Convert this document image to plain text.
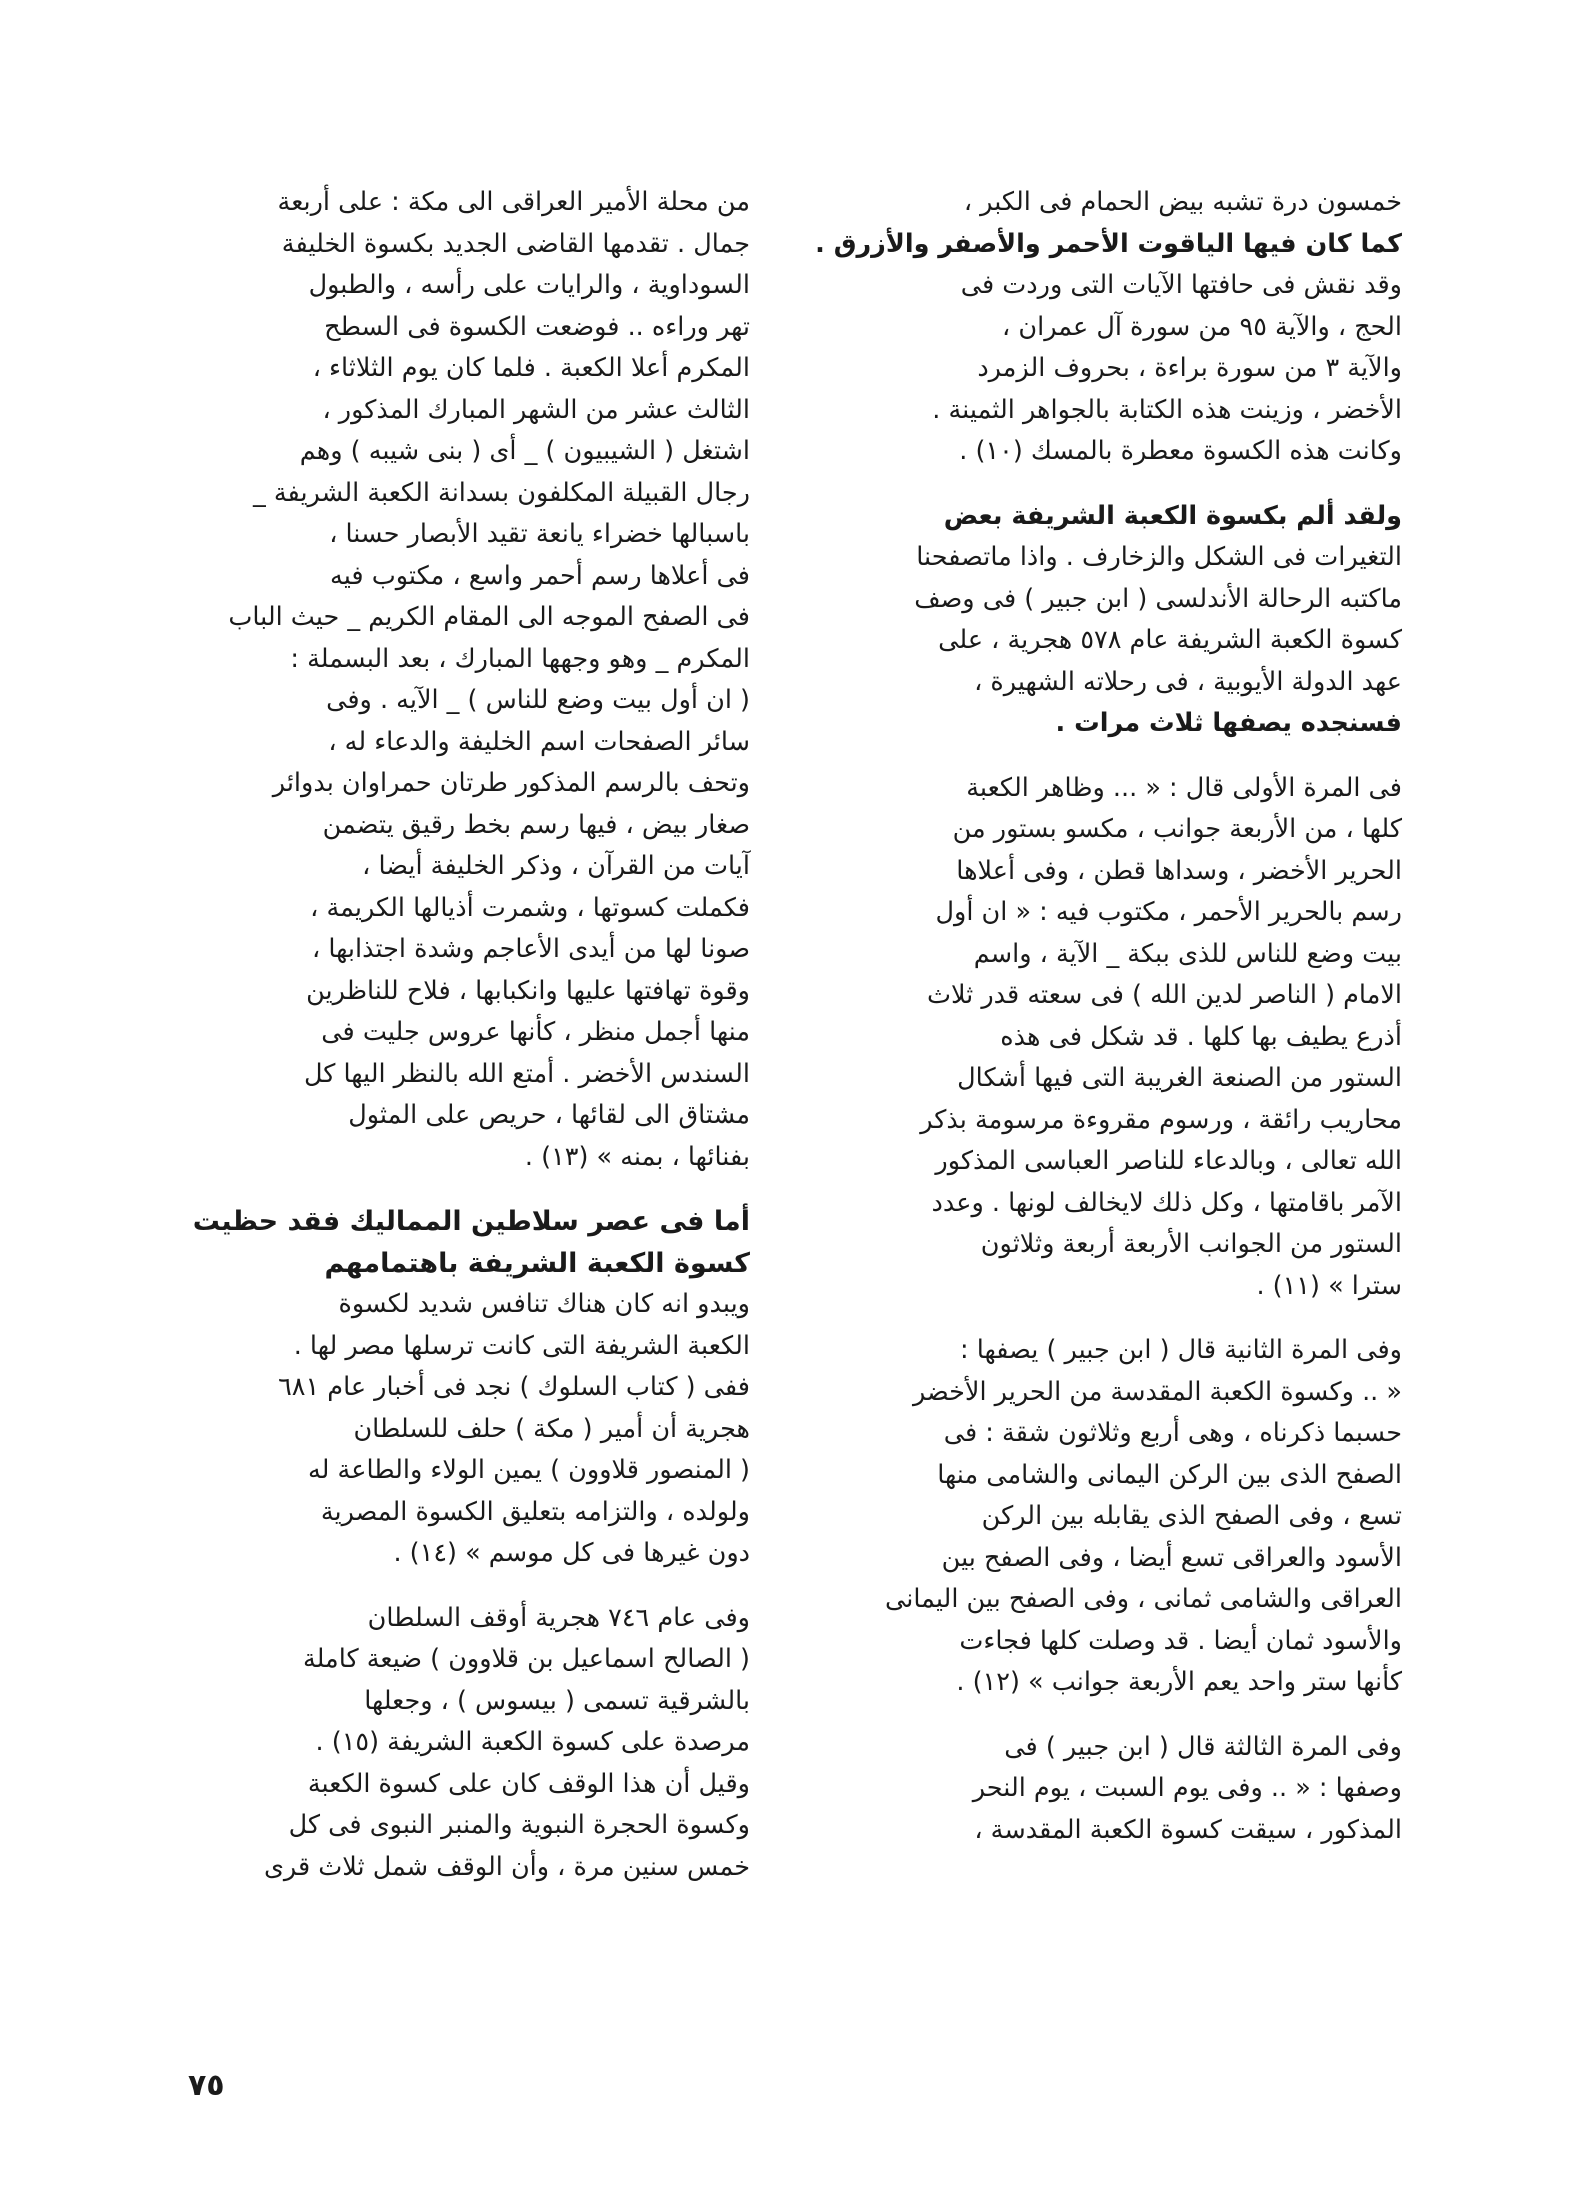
خمسون درة تشبه بيض الحمام فى الكبر ،

كما كان فيها الياقوت الأحمر والأصفر والأزرق .

وقد نقش فى حافتها الآيات التى وردت فى

الحج ، والآية ٩٥ من سورة آل عمران ،

والآية ٣ من سورة براءة ، بحروف الزمرد

الأخضر ، وزينت هذه الكتابة بالجواهر الثمينة .

وكانت هذه الكسوة معطرة بالمسك (١٠) .

ولقد ألم بكسوة الكعبة الشريفة بعض

التغيرات فى الشكل والزخارف . واذا ماتصفحنا

ماكتبه الرحالة الأندلسى ( ابن جبير ) فى وصف

كسوة الكعبة الشريفة عام ٥٧٨ هجرية ، على

عهد الدولة الأيوبية ، فى رحلاته الشهيرة ،

فسنجده يصفها ثلاث مرات .

فى المرة الأولى قال : « ... وظاهر الكعبة

كلها ، من الأربعة جوانب ، مكسو بستور من

الحرير الأخضر ، وسداها قطن ، وفى أعلاها

رسم بالحرير الأحمر ، مكتوب فيه : « ان أول

بيت وضع للناس للذى ببكة _ الآية ، واسم

الامام ( الناصر لدين الله ) فى سعته قدر ثلاث

أذرع يطيف بها كلها . قد شكل فى هذه

الستور من الصنعة الغريبة التى فيها أشكال

محاريب رائقة ، ورسوم مقروءة مرسومة بذكر

الله تعالى ، وبالدعاء للناصر العباسى المذكور

الآمر باقامتها ، وكل ذلك لايخالف لونها . وعدد

الستور من الجوانب الأربعة أربعة وثلاثون

سترا » (١١) .

وفى المرة الثانية قال ( ابن جبير ) يصفها :

« .. وكسوة الكعبة المقدسة من الحرير الأخضر

حسبما ذكرناه ، وهى أربع وثلاثون شقة : فى

الصفح الذى بين الركن اليمانى والشامى منها

تسع ، وفى الصفح الذى يقابله بين الركن

الأسود والعراقى تسع أيضا ، وفى الصفح بين

العراقى والشامى ثمانى ، وفى الصفح بين اليمانى

والأسود ثمان أيضا . قد وصلت كلها فجاءت

كأنها ستر واحد يعم الأربعة جوانب » (١٢) .

وفى المرة الثالثة قال ( ابن جبير ) فى

وصفها : « .. وفى يوم السبت ، يوم النحر

المذكور ، سيقت كسوة الكعبة المقدسة ،

من محلة الأمير العراقى الى مكة : على أربعة

جمال . تقدمها القاضى الجديد بكسوة الخليفة

السوداوية ، والرايات على رأسه ، والطبول

تهر وراءه .. فوضعت الكسوة فى السطح

المكرم أعلا الكعبة . فلما كان يوم الثلاثاء ،

الثالث عشر من الشهر المبارك المذكور ،

اشتغل ( الشيبيون ) _ أى ( بنى شيبه ) وهم

رجال القبيلة المكلفون بسدانة الكعبة الشريفة _

باسبالها خضراء يانعة تقيد الأبصار حسنا ،

فى أعلاها رسم أحمر واسع ، مكتوب فيه

فى الصفح الموجه الى المقام الكريم _ حيث الباب

المكرم _ وهو وجهها المبارك ، بعد البسملة :

( ان أول بيت وضع للناس ) _ الآيه . وفى

سائر الصفحات اسم الخليفة والدعاء له ،

وتحف بالرسم المذكور طرتان حمراوان بدوائر

صغار بيض ، فيها رسم بخط رقيق يتضمن

آيات من القرآن ، وذكر الخليفة أيضا ،

فكملت كسوتها ، وشمرت أذيالها الكريمة ،

صونا لها من أيدى الأعاجم وشدة اجتذابها ،

وقوة تهافتها عليها وانكبابها ، فلاح للناظرين

منها أجمل منظر ، كأنها عروس جليت فى

السندس الأخضر . أمتع الله بالنظر اليها كل

مشتاق الى لقائها ، حريص على المثول

بفنائها ، بمنه » (١٣) .

أما فى عصر سلاطين المماليك فقد حظيت

كسوة الكعبة الشريفة باهتمامهم

ويبدو انه كان هناك تنافس شديد لكسوة

الكعبة الشريفة التى كانت ترسلها مصر لها .

ففى ( كتاب السلوك ) نجد فى أخبار عام ٦٨١

هجرية أن أمير ( مكة ) حلف للسلطان

( المنصور قلاوون ) يمين الولاء والطاعة له

ولولده ، والتزامه بتعليق الكسوة المصرية

دون غيرها فى كل موسم » (١٤) .

وفى عام ٧٤٦ هجرية أوقف السلطان

( الصالح اسماعيل بن قلاوون ) ضيعة كاملة

بالشرقية تسمى ( بيسوس ) ، وجعلها

مرصدة على كسوة الكعبة الشريفة (١٥) .

وقيل أن هذا الوقف كان على كسوة الكعبة

وكسوة الحجرة النبوية والمنبر النبوى فى كل

خمس سنين مرة ، وأن الوقف شمل ثلاث قرى

٧٥
